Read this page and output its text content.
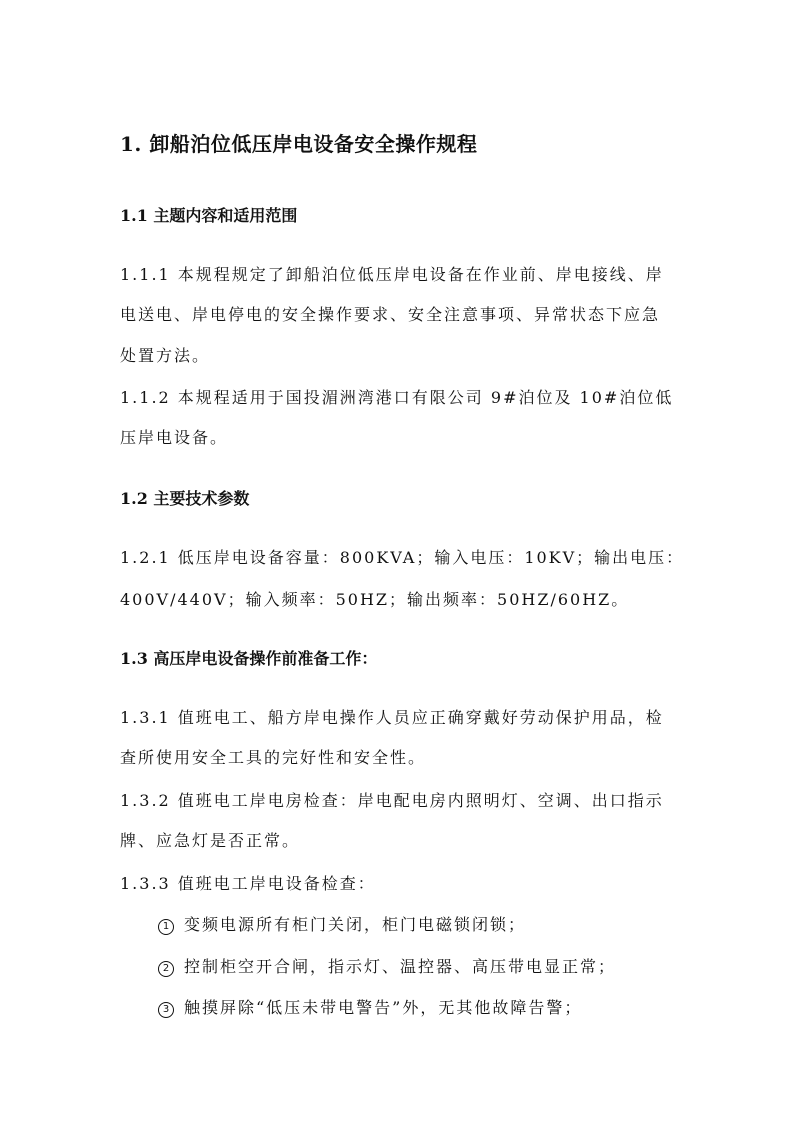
1. 卸船泊位低压岸电设备安全操作规程
1.1 主题内容和适用范围
1.1.1 本规程规定了卸船泊位低压岸电设备在作业前、岸电接线、岸
电送电、岸电停电的安全操作要求、安全注意事项、异常状态下应急
处置方法。
1.1.2 本规程适用于国投湄洲湾港口有限公司 9#泊位及 10#泊位低
压岸电设备。
1.2 主要技术参数
1.2.1 低压岸电设备容量：800KVA；输入电压：10KV；输出电压：
400V/440V；输入频率：50HZ；输出频率：50HZ/60HZ。
1.3 高压岸电设备操作前准备工作：
1.3.1 值班电工、船方岸电操作人员应正确穿戴好劳动保护用品，检
查所使用安全工具的完好性和安全性。
1.3.2 值班电工岸电房检查：岸电配电房内照明灯、空调、出口指示
牌、应急灯是否正常。
1.3.3 值班电工岸电设备检查：
1 变频电源所有柜门关闭，柜门电磁锁闭锁；
2 控制柜空开合闸，指示灯、温控器、高压带电显正常；
3 触摸屏除“低压未带电警告”外，无其他故障告警；
